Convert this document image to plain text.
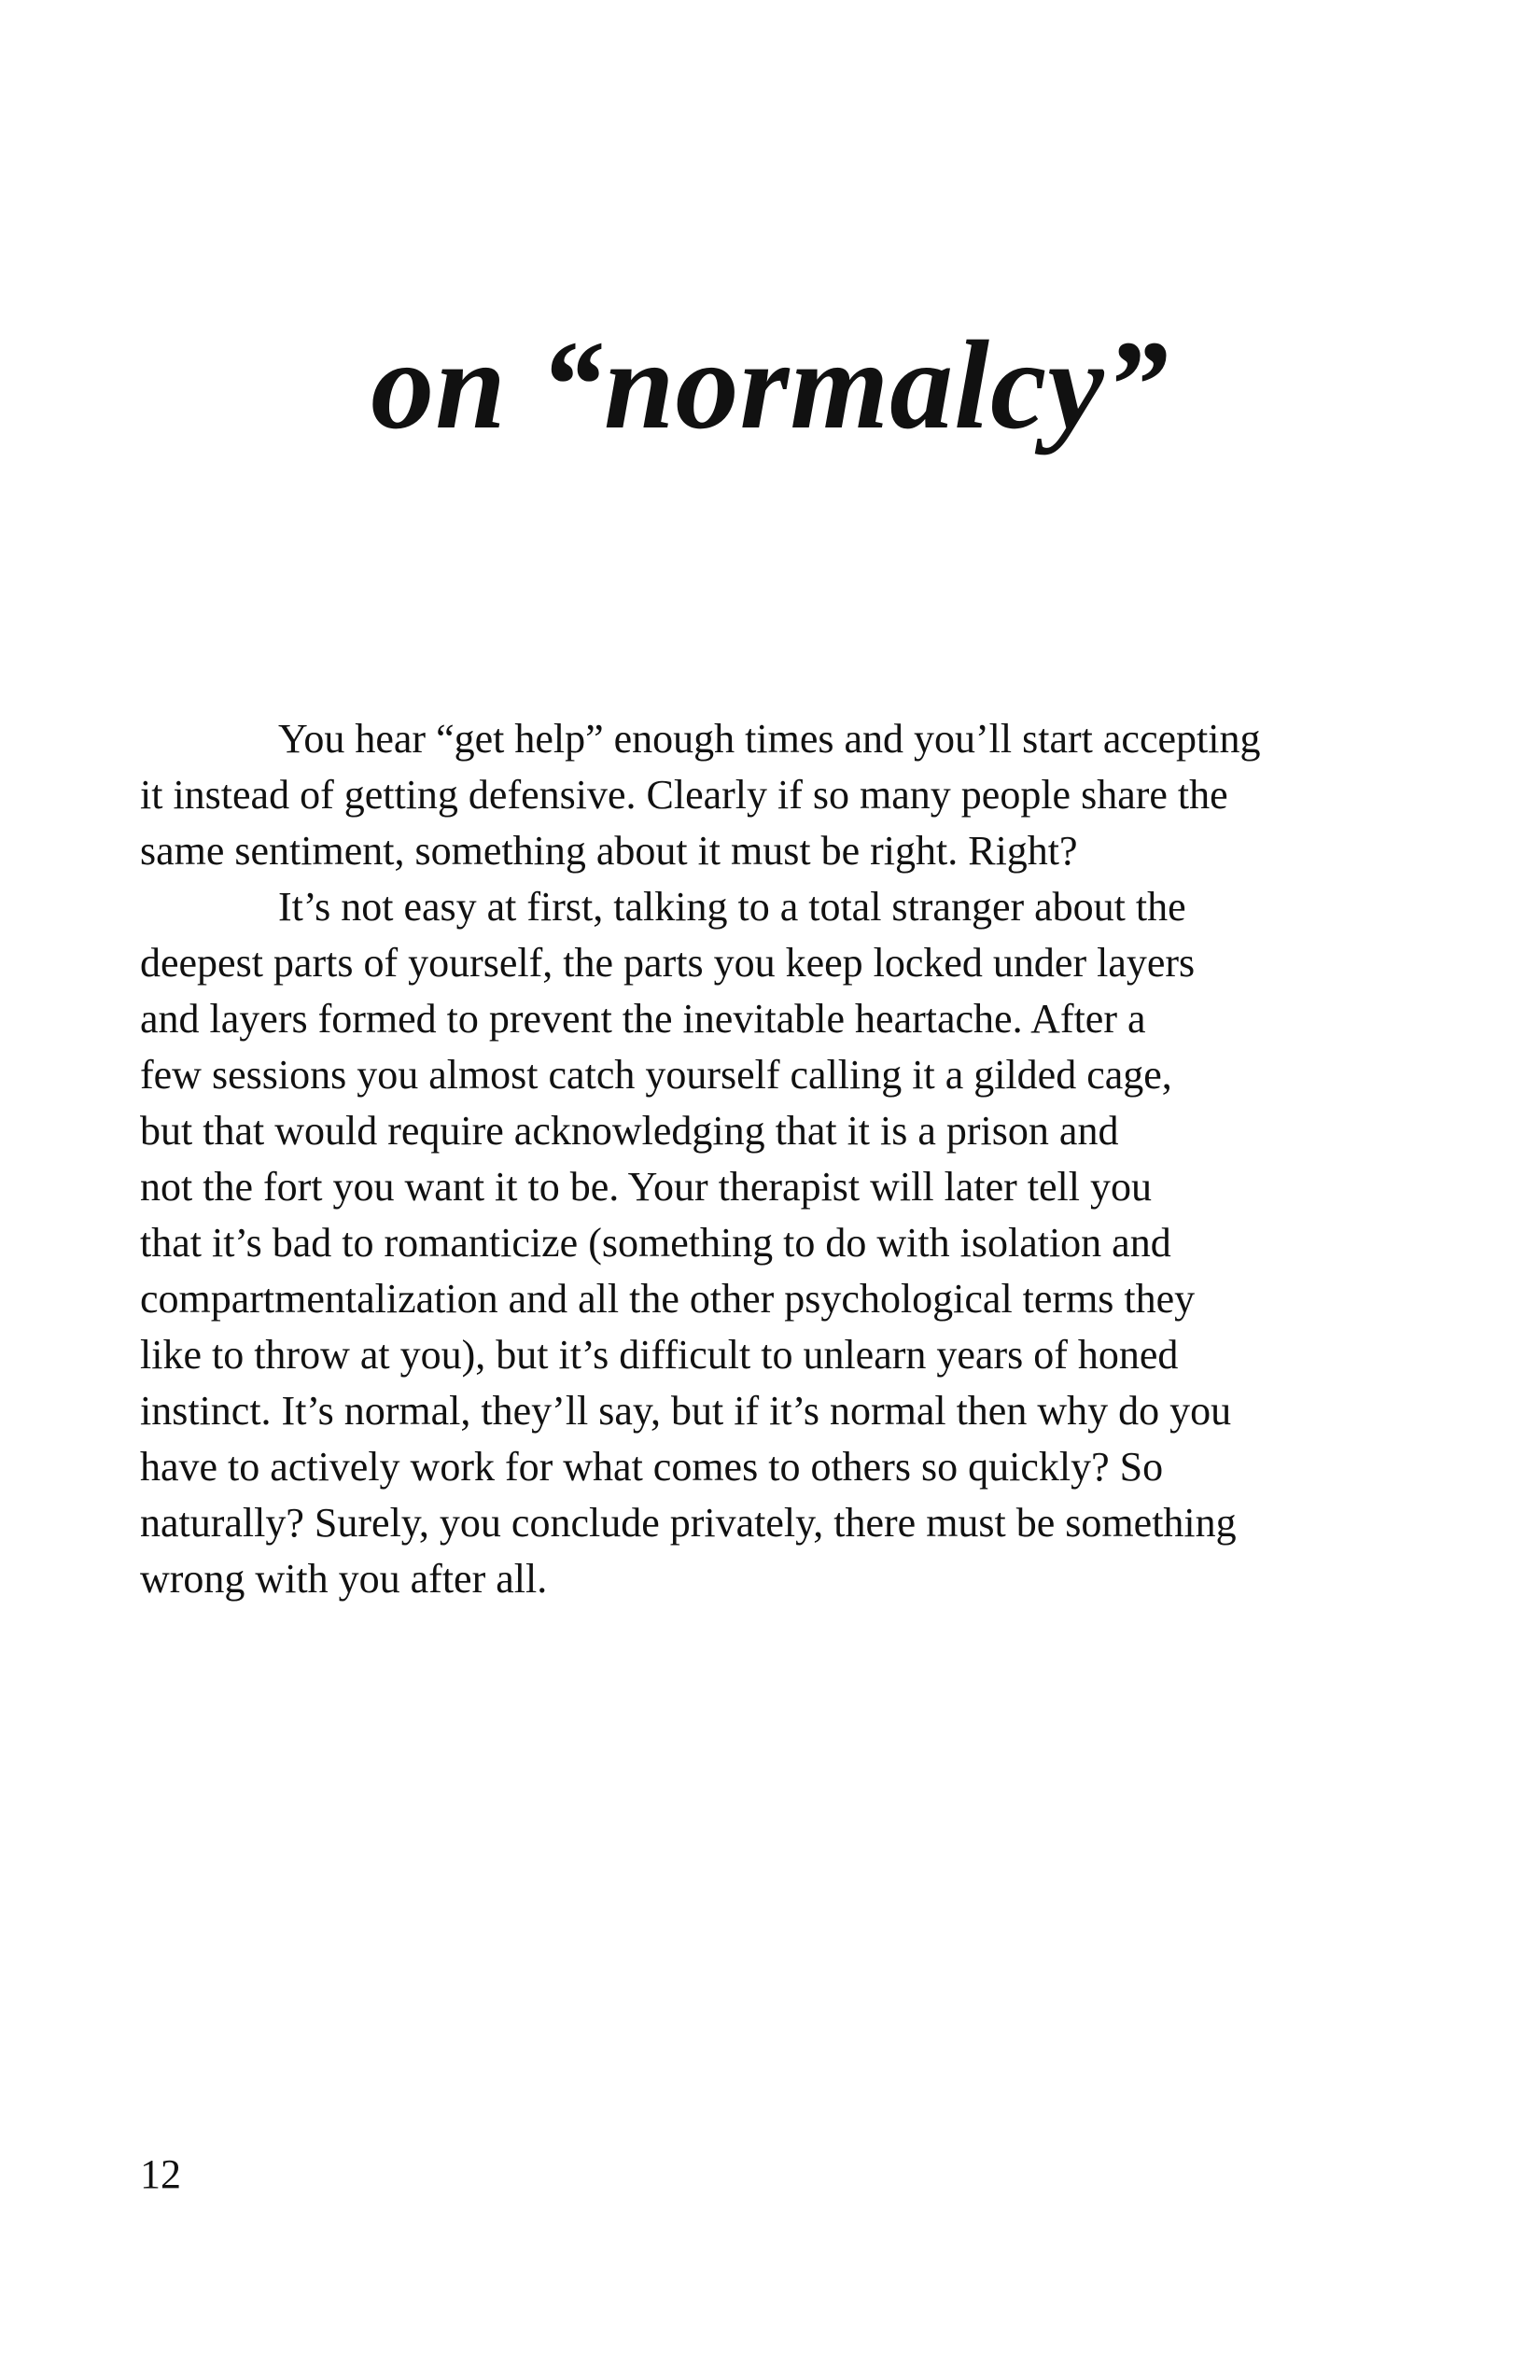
on “normalcy”
You hear “get help” enough times and you’ll start accepting
it instead of getting defensive. Clearly if so many people share the
same sentiment, something about it must be right. Right?
It’s not easy at first, talking to a total stranger about the
deepest parts of yourself, the parts you keep locked under layers
and layers formed to prevent the inevitable heartache. After a
few sessions you almost catch yourself calling it a gilded cage,
but that would require acknowledging that it is a prison and
not the fort you want it to be. Your therapist will later tell you
that it’s bad to romanticize (something to do with isolation and
compartmentalization and all the other psychological terms they
like to throw at you), but it’s difficult to unlearn years of honed
instinct. It’s normal, they’ll say, but if it’s normal then why do you
have to actively work for what comes to others so quickly? So
naturally? Surely, you conclude privately, there must be something
wrong with you after all.
12
